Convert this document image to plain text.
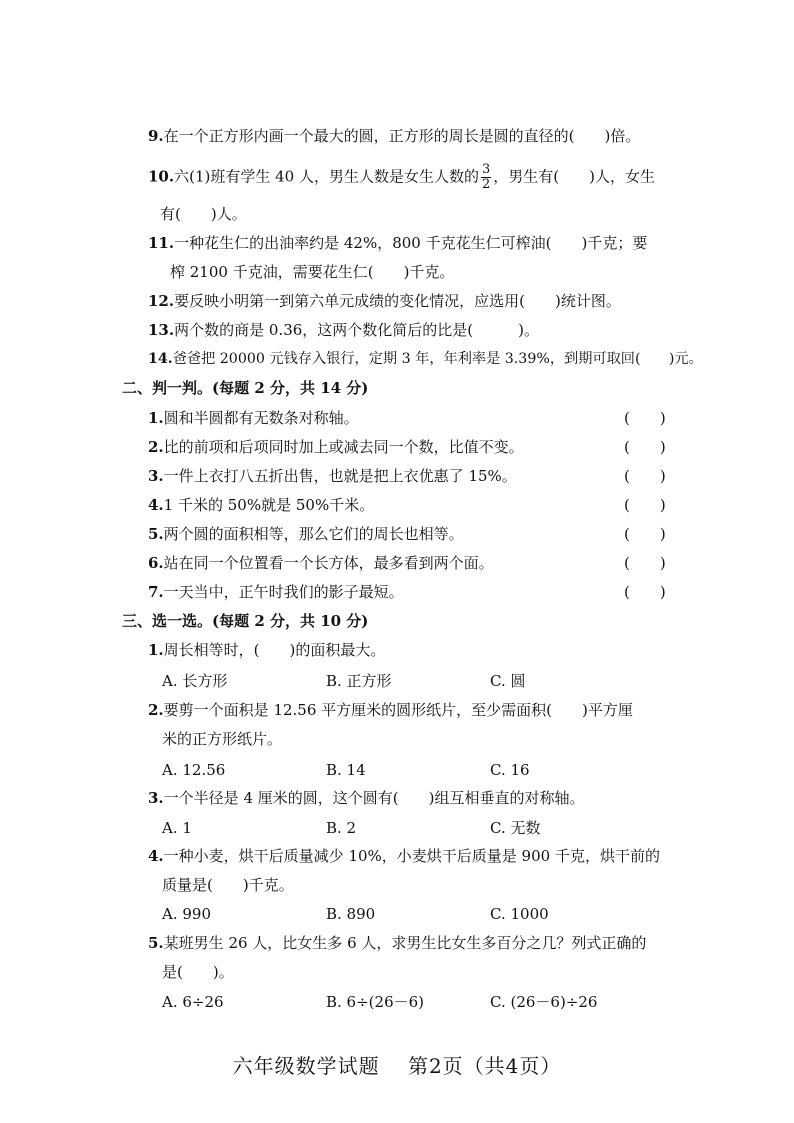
9.在一个正方形内画一个最大的圆，正方形的周长是圆的直径的(　　)倍。
10.六(1)班有学生 40 人，男生人数是女生人数的 $\frac{3}{2}$ ，男生有(　　)人，女生
有(　　)人。
11.一种花生仁的出油率约是 42%，800 千克花生仁可榨油(　　)千克；要
榨 2100 千克油，需要花生仁(　　)千克。
12.要反映小明第一到第六单元成绩的变化情况，应选用(　　)统计图。
13.两个数的商是 0.36，这两个数化简后的比是(　　　)。
14.爸爸把 20000 元钱存入银行，定期 3 年，年利率是 3.39%，到期可取回(　　)元。
二、判一判。(每题 2 分，共 14 分)
1.圆和半圆都有无数条对称轴。	(　　)
2.比的前项和后项同时加上或减去同一个数，比值不变。	(　　)
3.一件上衣打八五折出售，也就是把上衣优惠了 15%。	(　　)
4.1 千米的 50%就是 50%千米。	(　　)
5.两个圆的面积相等，那么它们的周长也相等。	(　　)
6.站在同一个位置看一个长方体，最多看到两个面。	(　　)
7.一天当中，正午时我们的影子最短。	(　　)
三、选一选。(每题 2 分，共 10 分)
1.周长相等时，(　　)的面积最大。
A. 长方形	B. 正方形	C. 圆
2.要剪一个面积是 12.56 平方厘米的圆形纸片，至少需面积(　　)平方厘
米的正方形纸片。
A. 12.56	B. 14	C. 16
3.一个半径是 4 厘米的圆，这个圆有(　　)组互相垂直的对称轴。
A. 1	B. 2	C. 无数
4.一种小麦，烘干后质量减少 10%，小麦烘干后质量是 900 千克，烘干前的
质量是(　　)千克。
A. 990	B. 890	C. 1000
5.某班男生 26 人，比女生多 6 人，求男生比女生多百分之几？列式正确的
是(　　)。
A. 6÷26	B. 6÷(26－6)	C. (26－6)÷26
六年级数学试题　 第2页（共4页）
